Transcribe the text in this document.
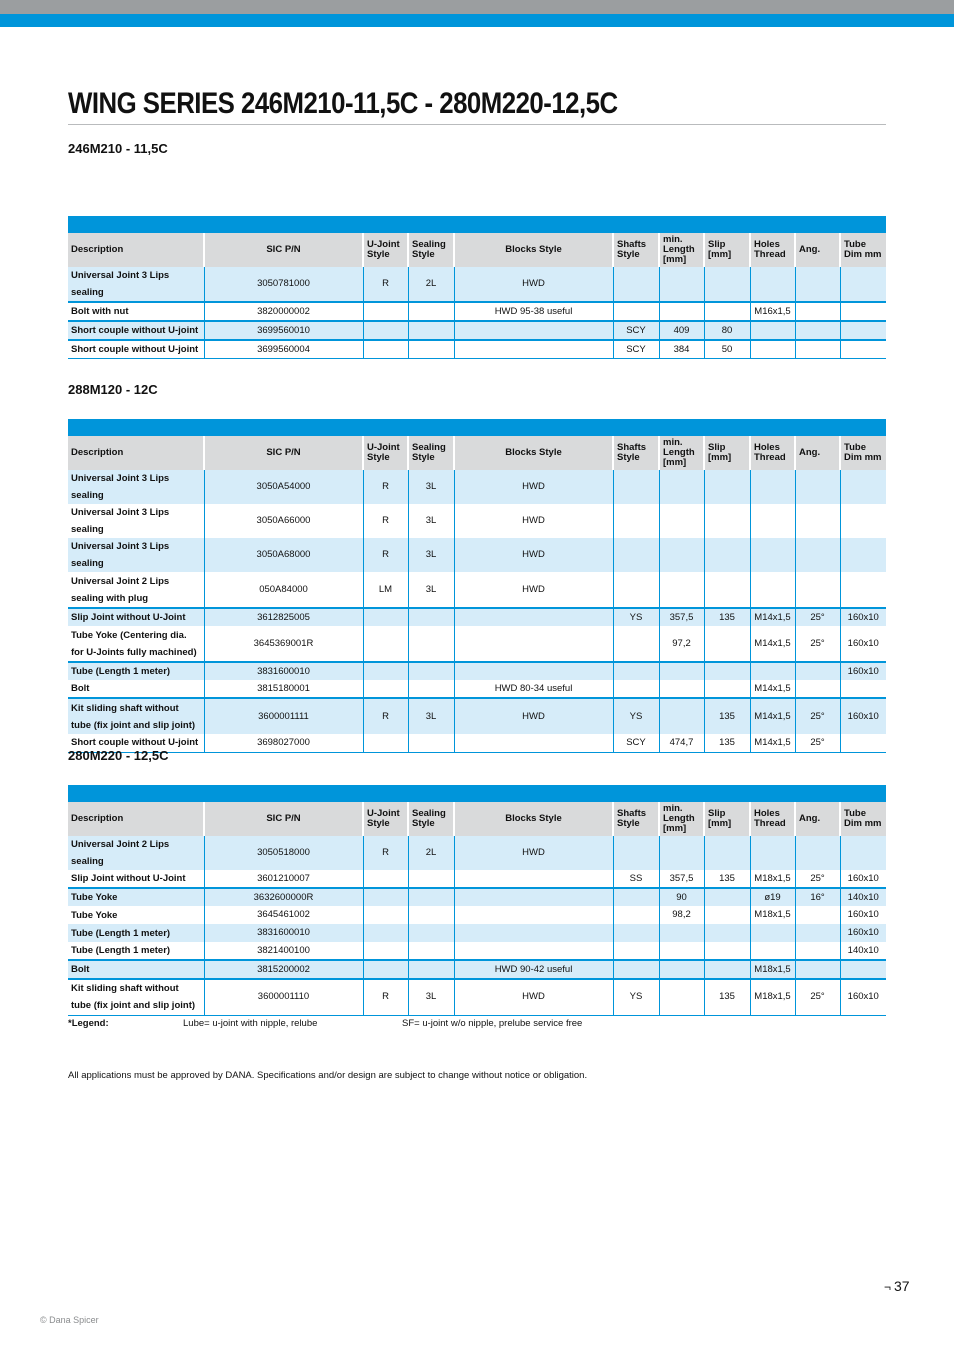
WING SERIES 246M210-11,5C - 280M220-12,5C
246M210 - 11,5C
Description	SIC P/N	U-Joint Style	Sealing Style	Blocks Style	Shafts Style	min. Length [mm]	Slip [mm]	Holes Thread	Ang.	Tube Dim mm
Universal Joint 3 Lips sealing	3050781000	R	2L	HWD						
Bolt with nut	3820000002			HWD 95-38 useful				M16x1,5		
Short couple without U-joint	3699560010				SCY	409	80			
Short couple without U-joint	3699560004				SCY	384	50			
288M120 - 12C
Description	SIC P/N	U-Joint Style	Sealing Style	Blocks Style	Shafts Style	min. Length [mm]	Slip [mm]	Holes Thread	Ang.	Tube Dim mm
Universal Joint 3 Lips sealing	3050A54000	R	3L	HWD						
Universal Joint 3 Lips sealing	3050A66000	R	3L	HWD						
Universal Joint 3 Lips sealing	3050A68000	R	3L	HWD						
Universal Joint 2 Lips sealing with plug	050A84000	LM	3L	HWD						
Slip Joint without U-Joint	3612825005				YS	357,5	135	M14x1,5	25°	160x10
Tube Yoke (Centering dia. for U-Joints fully machined)	3645369001R					97,2		M14x1,5	25°	160x10
Tube (Length 1 meter)	3831600010									160x10
Bolt	3815180001			HWD 80-34 useful				M14x1,5		
Kit sliding shaft without tube (fix joint and slip joint)	3600001111	R	3L	HWD	YS		135	M14x1,5	25°	160x10
Short couple without U-joint	3698027000				SCY	474,7	135	M14x1,5	25°	
280M220 - 12,5C
Description	SIC P/N	U-Joint Style	Sealing Style	Blocks Style	Shafts Style	min. Length [mm]	Slip [mm]	Holes Thread	Ang.	Tube Dim mm
Universal Joint 2 Lips sealing	3050518000	R	2L	HWD						
Slip Joint without U-Joint	3601210007				SS	357,5	135	M18x1,5	25°	160x10
Tube Yoke	3632600000R					90		ø19	16°	140x10
Tube Yoke	3645461002					98,2		M18x1,5		160x10
Tube (Length 1 meter)	3831600010									160x10
Tube (Length 1 meter)	3821400100									140x10
Bolt	3815200002			HWD 90-42 useful				M18x1,5		
Kit sliding shaft without tube (fix joint and slip joint)	3600001110	R	3L	HWD	YS		135	M18x1,5	25°	160x10
*Legend:	Lube= u-joint with nipple, relube	SF= u-joint w/o nipple, prelube service free
All applications must be approved by DANA. Specifications and/or design are subject to change without notice or obligation.
¬ 37
© Dana Spicer
